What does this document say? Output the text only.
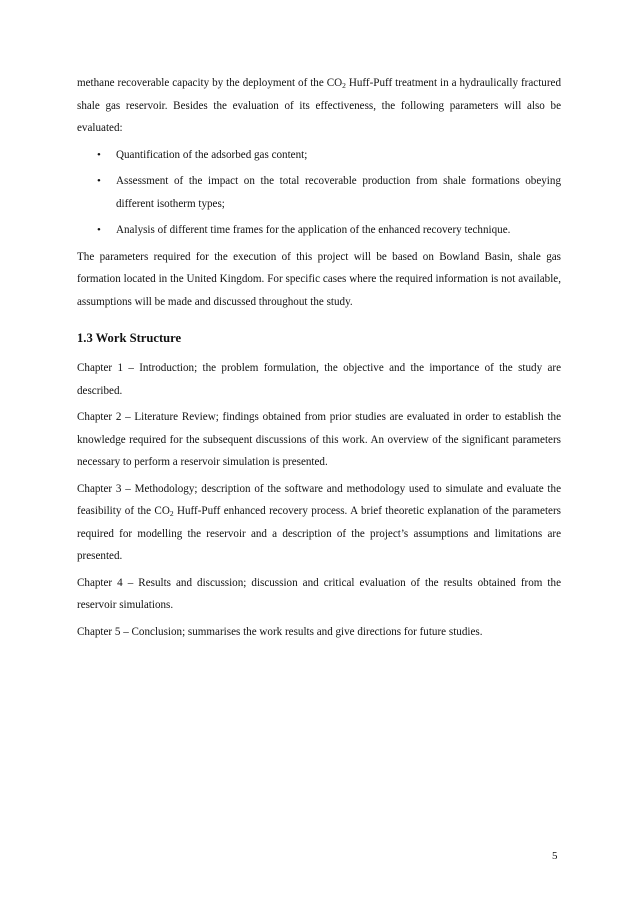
methane recoverable capacity by the deployment of the $CO_2$ Huff-Puff treatment in a hydraulically fractured shale gas reservoir. Besides the evaluation of its effectiveness, the following parameters will also be evaluated:

• Quantification of the adsorbed gas content;
• Assessment of the impact on the total recoverable production from shale formations obeying different isotherm types;
• Analysis of different time frames for the application of the enhanced recovery technique.

The parameters required for the execution of this project will be based on Bowland Basin, shale gas formation located in the United Kingdom. For specific cases where the required information is not available, assumptions will be made and discussed throughout the study.

1.3 Work Structure

Chapter 1 – Introduction; the problem formulation, the objective and the importance of the study are described.

Chapter 2 – Literature Review; findings obtained from prior studies are evaluated in order to establish the knowledge required for the subsequent discussions of this work. An overview of the significant parameters necessary to perform a reservoir simulation is presented.

Chapter 3 – Methodology; description of the software and methodology used to simulate and evaluate the feasibility of the $CO_2$ Huff-Puff enhanced recovery process. A brief theoretic explanation of the parameters required for modelling the reservoir and a description of the project’s assumptions and limitations are presented.

Chapter 4 – Results and discussion; discussion and critical evaluation of the results obtained from the reservoir simulations.

Chapter 5 – Conclusion; summarises the work results and give directions for future studies.

5
